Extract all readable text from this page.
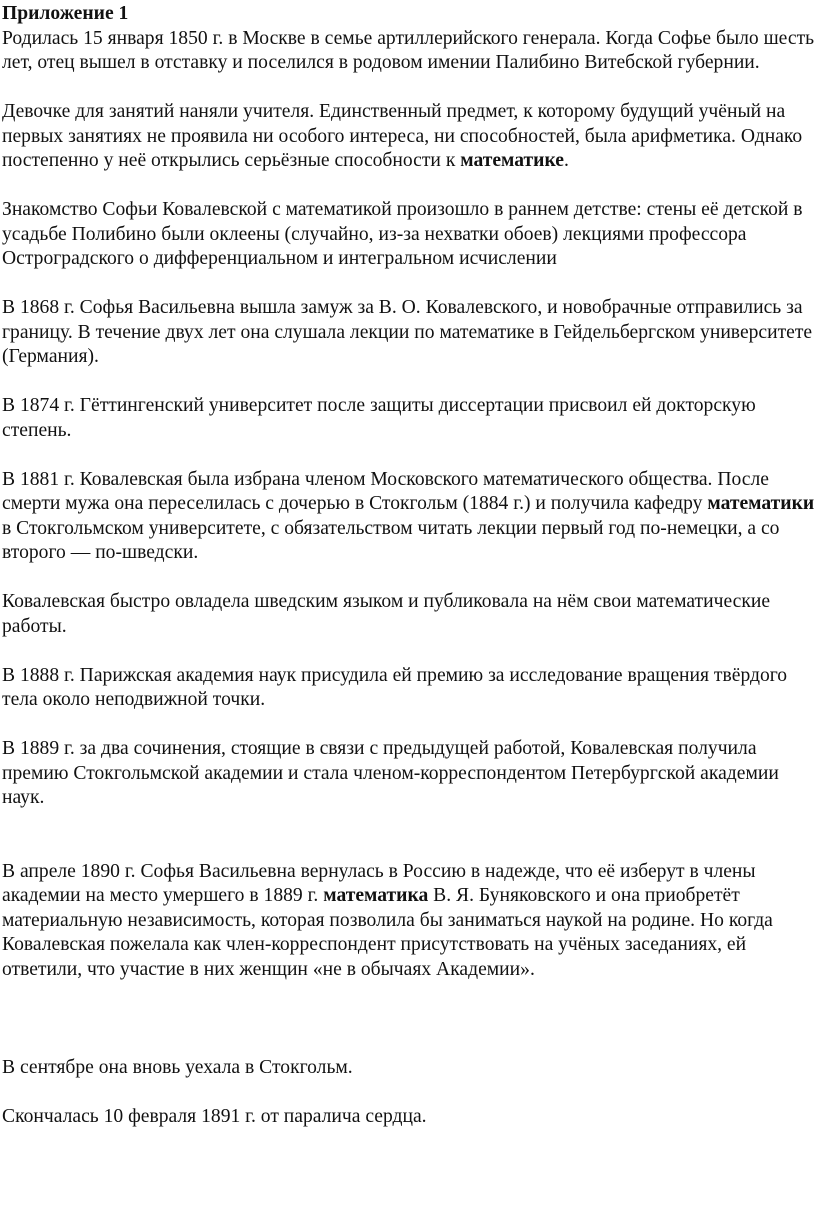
Приложение 1

Родилась 15 января 1850 г. в Москве в семье артиллерийского генерала. Когда Софье было шесть лет, отец вышел в отставку и поселился в родовом имении Палибино Витебской губернии.

Девочке для занятий наняли учителя. Единственный предмет, к которому будущий учёный на первых занятиях не проявила ни особого интереса, ни способностей, была арифметика. Однако постепенно у неё открылись серьёзные способности к математике.

Знакомство Софьи Ковалевской с математикой произошло в раннем детстве: стены её детской в усадьбе Полибино были оклеены (случайно, из-за нехватки обоев) лекциями профессора Остроградского о дифференциальном и интегральном исчислении

В 1868 г. Софья Васильевна вышла замуж за В. О. Ковалевского, и новобрачные отправились за границу. В течение двух лет она слушала лекции по математике в Гейдельбергском университете (Германия).

В 1874 г. Гёттингенский университет после защиты диссертации присвоил ей докторскую степень.

В 1881 г. Ковалевская была избрана членом Московского математического общества. После смерти мужа она переселилась с дочерью в Стокгольм (1884 г.) и получила кафедру математики в Стокгольмском университете, с обязательством читать лекции первый год по-немецки, а со второго — по-шведски.

Ковалевская быстро овладела шведским языком и публиковала на нём свои математические работы.

В 1888 г. Парижская академия наук присудила ей премию за исследование вращения твёрдого тела около неподвижной точки.

В 1889 г. за два сочинения, стоящие в связи с предыдущей работой, Ковалевская получила премию Стокгольмской академии и стала членом-корреспондентом Петербургской академии наук.

В апреле 1890 г. Софья Васильевна вернулась в Россию в надежде, что её изберут в члены академии на место умершего в 1889 г. математика В. Я. Буняковского и она приобретёт материальную независимость, которая позволила бы заниматься наукой на родине. Но когда Ковалевская пожелала как член-корреспондент присутствовать на учёных заседаниях, ей ответили, что участие в них женщин «не в обычаях Академии».

В сентябре она вновь уехала в Стокгольм.

Скончалась 10 февраля 1891 г. от паралича сердца.
